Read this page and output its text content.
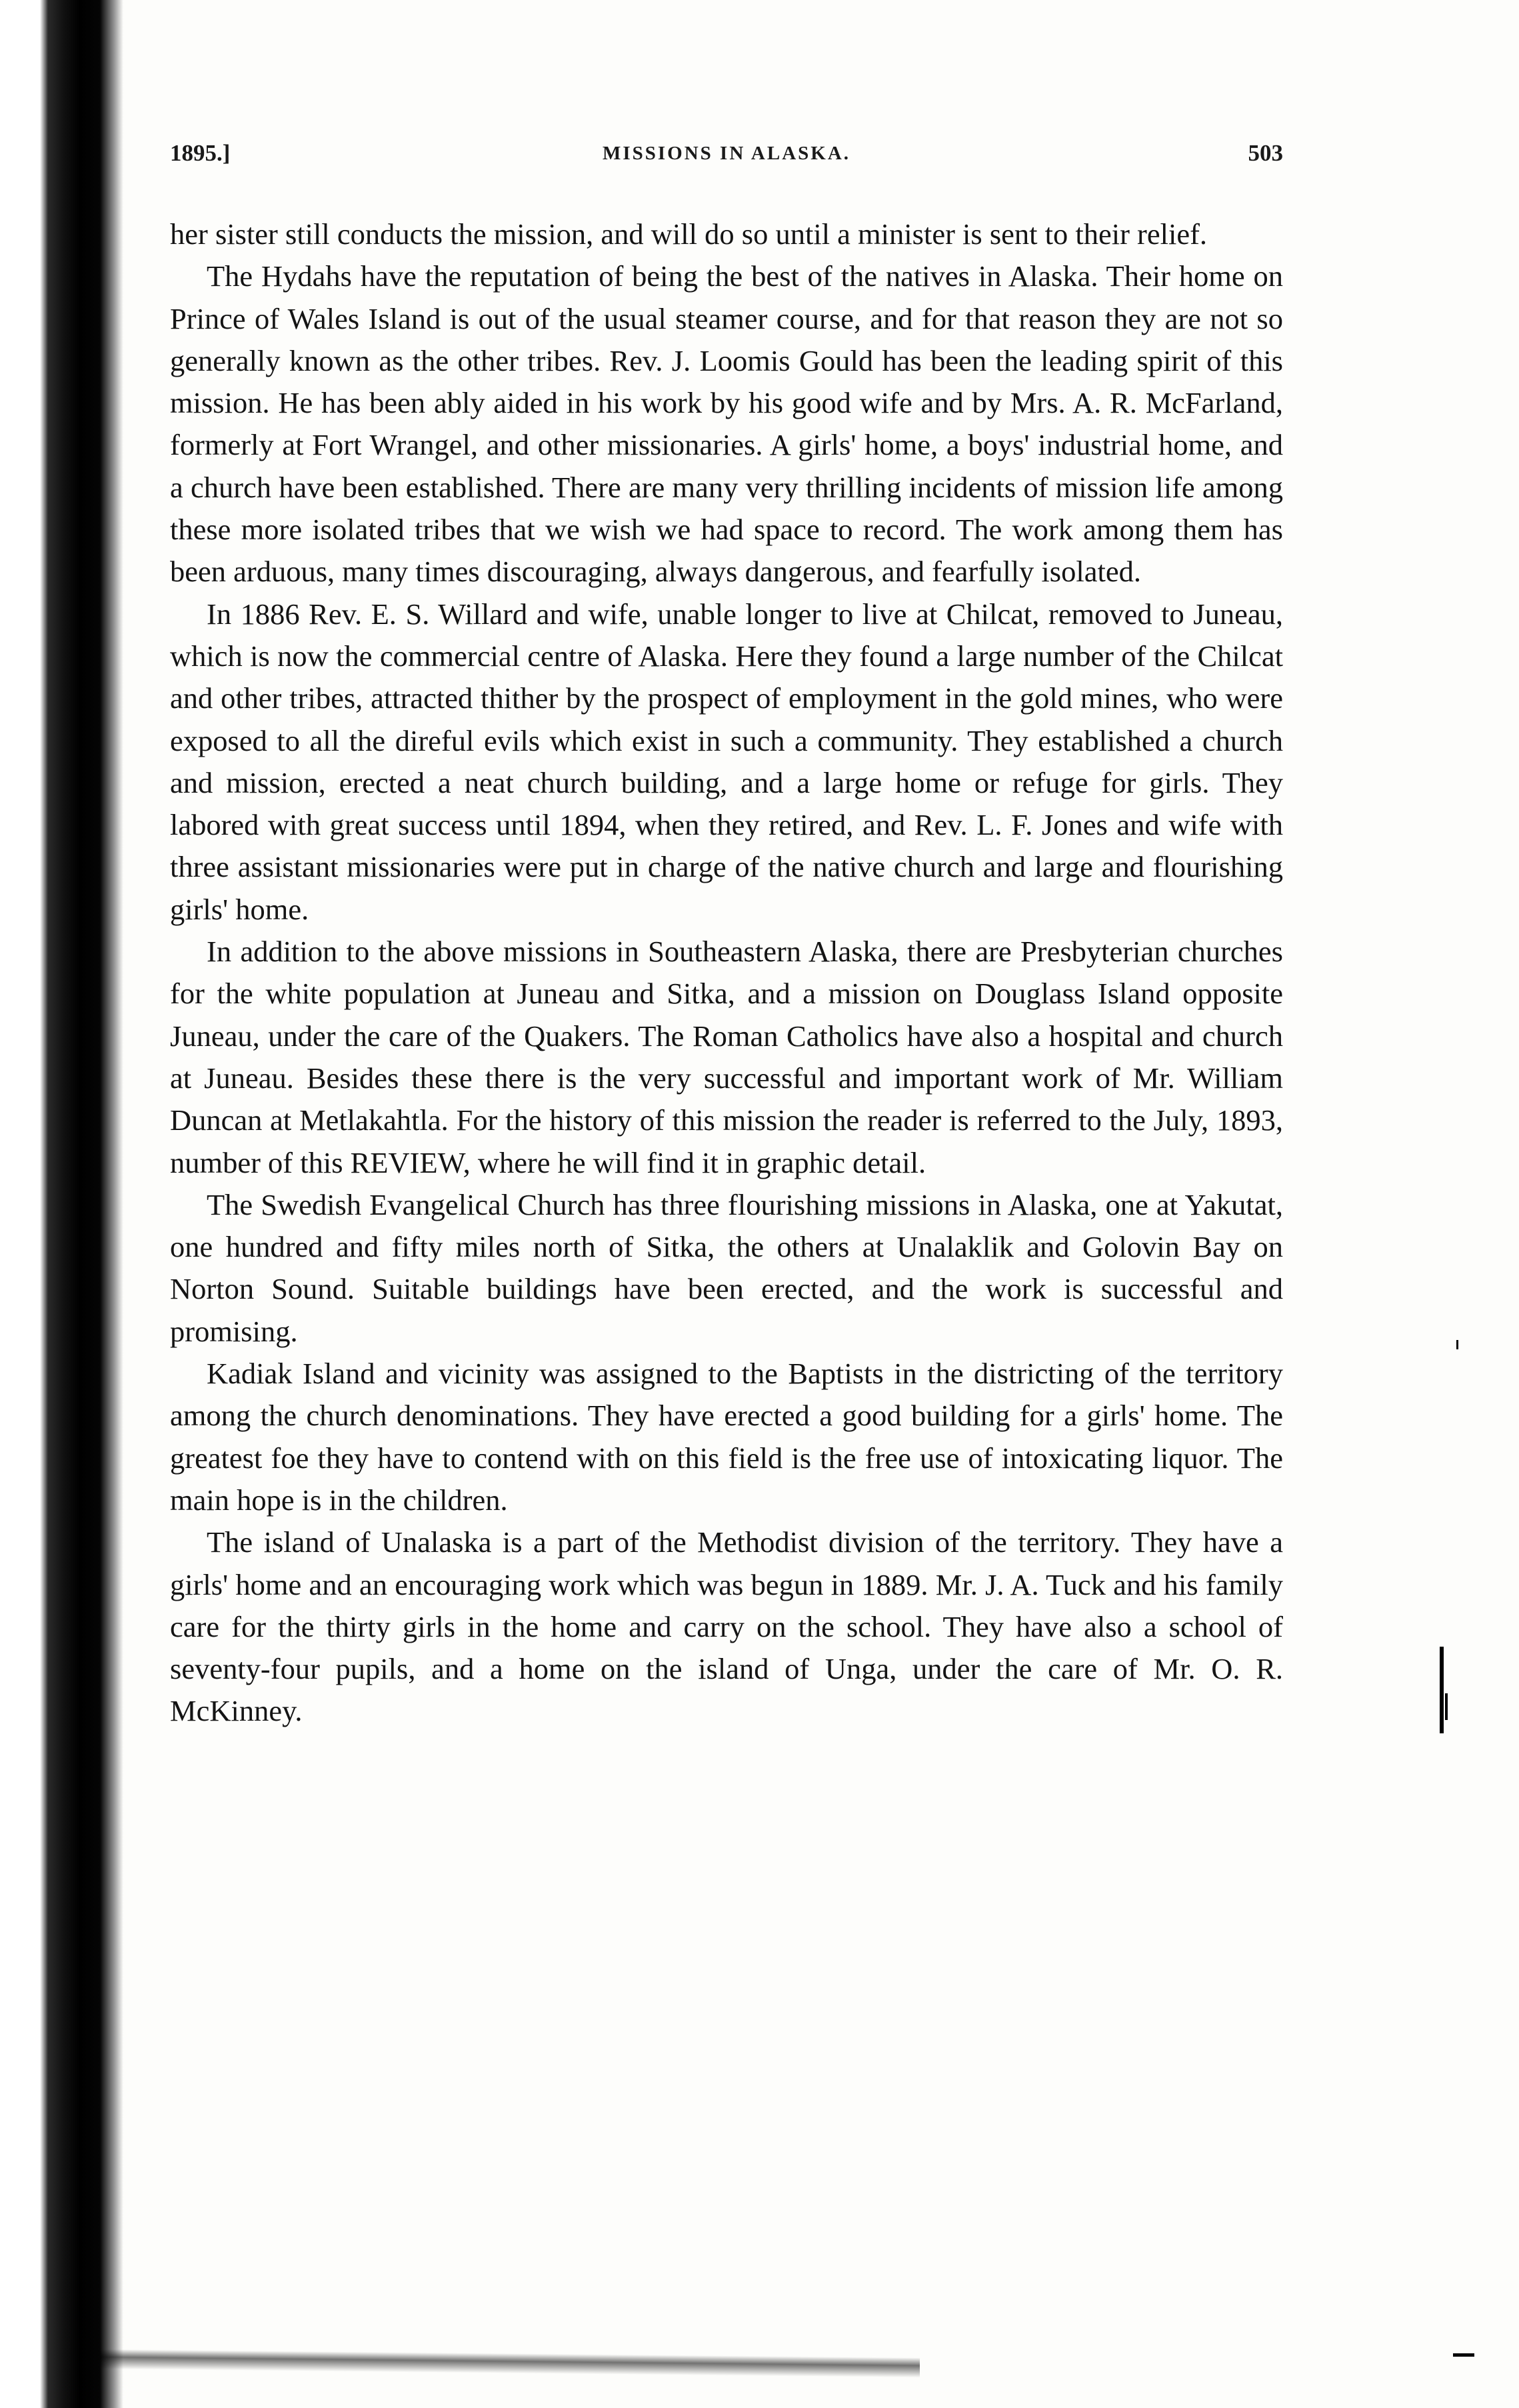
1895.]	MISSIONS IN ALASKA.	503

her sister still conducts the mission, and will do so until a minister is sent to their relief.

The Hydahs have the reputation of being the best of the natives in Alaska. Their home on Prince of Wales Island is out of the usual steamer course, and for that reason they are not so generally known as the other tribes. Rev. J. Loomis Gould has been the leading spirit of this mission. He has been ably aided in his work by his good wife and by Mrs. A. R. McFarland, formerly at Fort Wrangel, and other missionaries. A girls' home, a boys' industrial home, and a church have been established. There are many very thrilling incidents of mission life among these more isolated tribes that we wish we had space to record. The work among them has been arduous, many times discouraging, always dangerous, and fearfully isolated.

In 1886 Rev. E. S. Willard and wife, unable longer to live at Chilcat, removed to Juneau, which is now the commercial centre of Alaska. Here they found a large number of the Chilcat and other tribes, attracted thither by the prospect of employment in the gold mines, who were exposed to all the direful evils which exist in such a community. They established a church and mission, erected a neat church building, and a large home or refuge for girls. They labored with great success until 1894, when they retired, and Rev. L. F. Jones and wife with three assistant missionaries were put in charge of the native church and large and flourishing girls' home.

In addition to the above missions in Southeastern Alaska, there are Presbyterian churches for the white population at Juneau and Sitka, and a mission on Douglass Island opposite Juneau, under the care of the Quakers. The Roman Catholics have also a hospital and church at Juneau. Besides these there is the very successful and important work of Mr. William Duncan at Metlakahtla. For the history of this mission the reader is referred to the July, 1893, number of this REVIEW, where he will find it in graphic detail.

The Swedish Evangelical Church has three flourishing missions in Alaska, one at Yakutat, one hundred and fifty miles north of Sitka, the others at Unalaklik and Golovin Bay on Norton Sound. Suitable buildings have been erected, and the work is successful and promising.

Kadiak Island and vicinity was assigned to the Baptists in the districting of the territory among the church denominations. They have erected a good building for a girls' home. The greatest foe they have to contend with on this field is the free use of intoxicating liquor. The main hope is in the children.

The island of Unalaska is a part of the Methodist division of the territory. They have a girls' home and an encouraging work which was begun in 1889. Mr. J. A. Tuck and his family care for the thirty girls in the home and carry on the school. They have also a school of seventy-four pupils, and a home on the island of Unga, under the care of Mr. O. R. McKinney.
